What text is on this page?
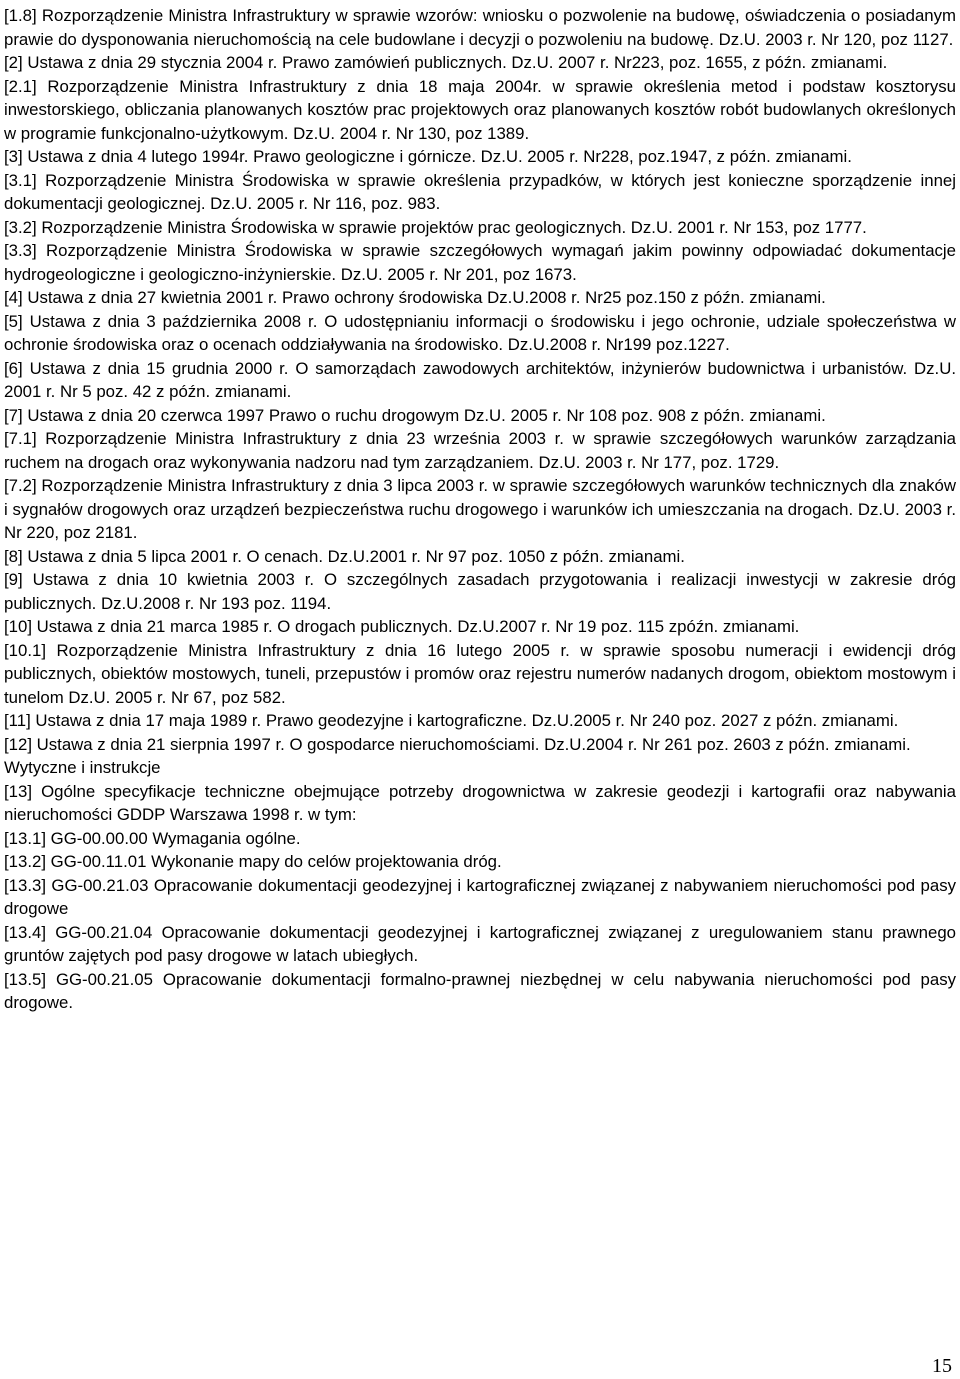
[1.8] Rozporządzenie Ministra Infrastruktury w sprawie wzorów: wniosku o pozwolenie na budowę, oświadczenia o posiadanym prawie do dysponowania nieruchomością na cele budowlane i decyzji o pozwoleniu na budowę. Dz.U. 2003 r. Nr 120, poz 1127.

[2] Ustawa z dnia 29 stycznia 2004 r. Prawo zamówień publicznych. Dz.U. 2007 r. Nr223, poz. 1655, z późn. zmianami.

[2.1] Rozporządzenie Ministra Infrastruktury z dnia 18 maja 2004r. w sprawie określenia metod i podstaw kosztorysu inwestorskiego, obliczania planowanych kosztów prac projektowych oraz planowanych kosztów robót budowlanych określonych w programie funkcjonalno-użytkowym. Dz.U. 2004 r. Nr 130, poz 1389.

[3] Ustawa z dnia 4 lutego 1994r. Prawo geologiczne i górnicze. Dz.U. 2005 r. Nr228, poz.1947, z późn. zmianami.

[3.1] Rozporządzenie Ministra Środowiska w sprawie określenia przypadków, w których jest konieczne sporządzenie innej dokumentacji geologicznej. Dz.U. 2005 r. Nr 116, poz. 983.

[3.2] Rozporządzenie Ministra Środowiska w sprawie projektów prac geologicznych. Dz.U. 2001 r. Nr 153, poz 1777.

[3.3] Rozporządzenie Ministra Środowiska w sprawie szczegółowych wymagań jakim powinny odpowiadać dokumentacje hydrogeologiczne i geologiczno-inżynierskie. Dz.U. 2005 r. Nr 201, poz 1673.

[4] Ustawa z dnia 27 kwietnia 2001 r. Prawo ochrony środowiska Dz.U.2008 r. Nr25 poz.150 z późn. zmianami.

[5] Ustawa z dnia 3 października 2008 r. O udostępnianiu informacji o środowisku i jego ochronie, udziale społeczeństwa w ochronie środowiska oraz o ocenach oddziaływania na środowisko. Dz.U.2008 r. Nr199 poz.1227.

[6] Ustawa z dnia 15 grudnia 2000 r. O samorządach zawodowych architektów, inżynierów budownictwa i urbanistów. Dz.U. 2001 r. Nr 5 poz. 42 z późn. zmianami.

[7] Ustawa z dnia 20 czerwca 1997 Prawo o ruchu drogowym Dz.U. 2005 r. Nr 108 poz. 908 z późn. zmianami.

[7.1] Rozporządzenie Ministra Infrastruktury z dnia 23 września 2003 r. w sprawie szczegółowych warunków zarządzania ruchem na drogach oraz wykonywania nadzoru nad tym zarządzaniem. Dz.U. 2003 r. Nr 177, poz. 1729.

[7.2] Rozporządzenie Ministra Infrastruktury z dnia 3 lipca 2003 r. w sprawie szczegółowych warunków technicznych dla znaków i sygnałów drogowych oraz urządzeń bezpieczeństwa ruchu drogowego i warunków ich umieszczania na drogach. Dz.U. 2003 r. Nr 220, poz 2181.

[8] Ustawa z dnia 5 lipca 2001 r. O cenach. Dz.U.2001 r. Nr 97 poz. 1050 z późn. zmianami.

[9] Ustawa z dnia 10 kwietnia 2003 r. O szczególnych zasadach przygotowania i realizacji inwestycji w zakresie dróg publicznych. Dz.U.2008 r. Nr 193 poz. 1194.

[10] Ustawa z dnia 21 marca 1985 r. O drogach publicznych. Dz.U.2007 r. Nr 19 poz. 115 zpóźn. zmianami.

[10.1] Rozporządzenie Ministra Infrastruktury z dnia 16 lutego 2005 r. w sprawie sposobu numeracji i ewidencji dróg publicznych, obiektów mostowych, tuneli, przepustów i promów oraz rejestru numerów nadanych drogom, obiektom mostowym i tunelom Dz.U. 2005 r. Nr 67, poz 582.

[11] Ustawa z dnia 17 maja 1989 r. Prawo geodezyjne i kartograficzne. Dz.U.2005 r. Nr 240 poz. 2027 z późn. zmianami.

[12] Ustawa z dnia 21 sierpnia 1997 r. O gospodarce nieruchomościami. Dz.U.2004 r. Nr 261 poz. 2603 z późn. zmianami.

Wytyczne i instrukcje

[13] Ogólne specyfikacje techniczne obejmujące potrzeby drogownictwa w zakresie geodezji i kartografii oraz nabywania nieruchomości GDDP Warszawa 1998 r. w tym:

[13.1] GG-00.00.00 Wymagania ogólne.

[13.2] GG-00.11.01 Wykonanie mapy do celów projektowania dróg.

[13.3] GG-00.21.03 Opracowanie dokumentacji geodezyjnej i kartograficznej związanej z nabywaniem nieruchomości pod pasy drogowe

[13.4] GG-00.21.04 Opracowanie dokumentacji geodezyjnej i kartograficznej związanej z uregulowaniem stanu prawnego gruntów zajętych pod pasy drogowe w latach ubiegłych.

[13.5] GG-00.21.05 Opracowanie dokumentacji formalno-prawnej niezbędnej w celu nabywania nieruchomości pod pasy drogowe.

15
